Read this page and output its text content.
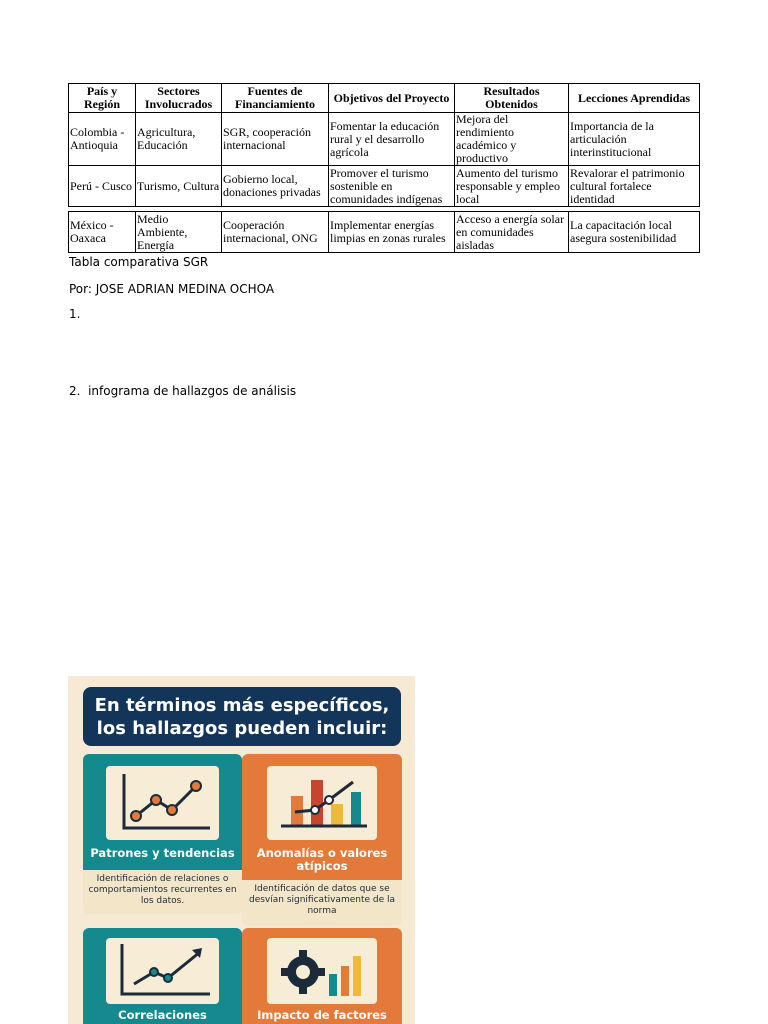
País y Región	Sectores Involucrados	Fuentes de Financiamiento	Objetivos del Proyecto	Resultados Obtenidos	Lecciones Aprendidas
Colombia - Antioquia	Agricultura, Educación	SGR, cooperación internacional	Fomentar la educación rural y el desarrollo agrícola	Mejora del rendimiento académico y productivo	Importancia de la articulación interinstitucional
Perú - Cusco	Turismo, Cultura	Gobierno local, donaciones privadas	Promover el turismo sostenible en comunidades indígenas	Aumento del turismo responsable y empleo local	Revalorar el patrimonio cultural fortalece identidad
México - Oaxaca	Medio Ambiente, Energía	Cooperación internacional, ONG	Implementar energías limpias en zonas rurales	Acceso a energía solar en comunidades aisladas	La capacitación local asegura sostenibilidad
Tabla comparativa SGR
Por: JOSE ADRIAN MEDINA OCHOA
1.
2. infograma de hallazgos de análisis
En términos más específicos,
los hallazgos pueden incluir:
Patrones y tendencias
Identificación de relaciones o comportamientos recurrentes en los datos.
Anomalías o valores atípicos
Identificación de datos que se desvían significativamente de la norma
Correlaciones	Impacto de factores
